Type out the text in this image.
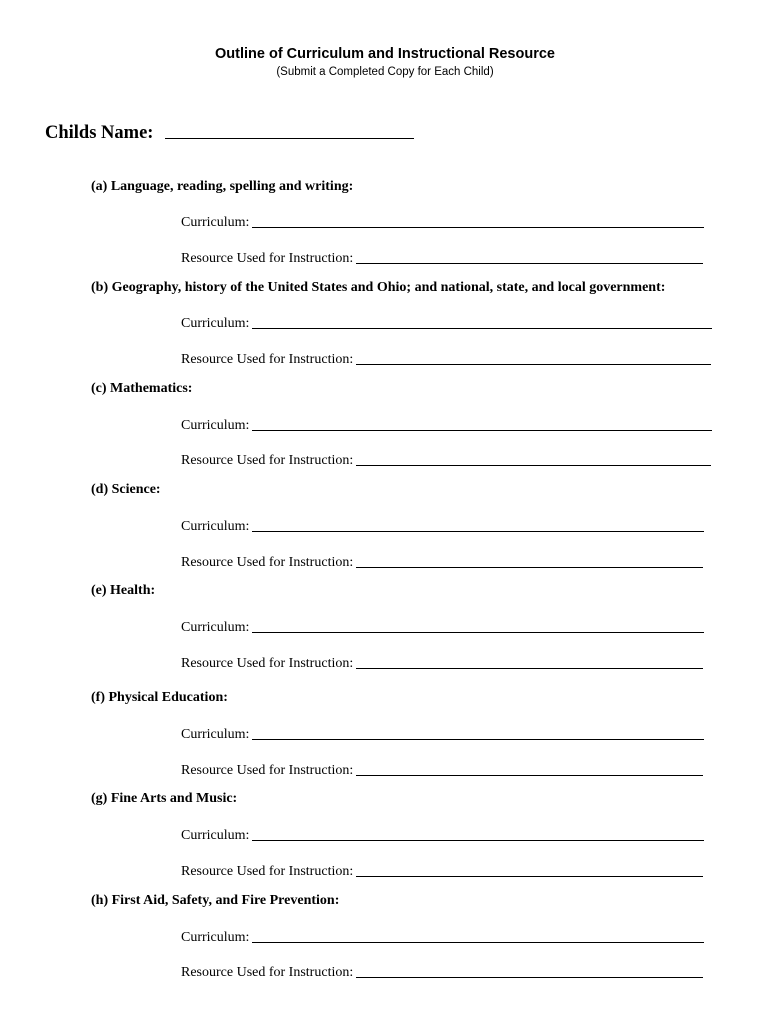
Outline of Curriculum and Instructional Resource
(Submit a Completed Copy for Each Child)
Childs Name:
(a) Language, reading, spelling and writing:
Curriculum:
Resource Used for Instruction:
(b) Geography, history of the United States and Ohio; and national, state, and local government:
Curriculum:
Resource Used for Instruction:
(c) Mathematics:
Curriculum:
Resource Used for Instruction:
(d) Science:
Curriculum:
Resource Used for Instruction:
(e) Health:
Curriculum:
Resource Used for Instruction:
(f) Physical Education:
Curriculum:
Resource Used for Instruction:
(g) Fine Arts and Music:
Curriculum:
Resource Used for Instruction:
(h) First Aid, Safety, and Fire Prevention:
Curriculum:
Resource Used for Instruction:
